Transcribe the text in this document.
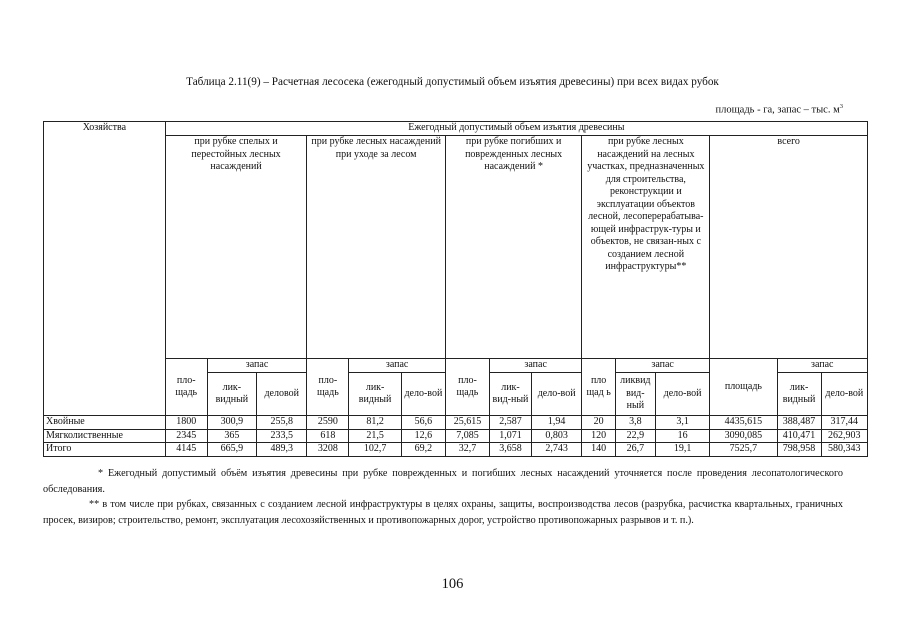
Таблица 2.11(9) – Расчетная лесосека (ежегодный допустимый объем изъятия древесины) при всех видах рубок
площадь - га, запас – тыс. $м^3$
Хозяйства	Ежегодный допустимый объем изъятия древесины														
	при рубке спелых и перестойных лесных насаждений			при рубке лесных насаждений при уходе за лесом			при рубке погибших и поврежденных лесных насаждений *			при рубке лесных насаждений на лесных участках, предназначенных для строительства, реконструкции и эксплуатации объектов лесной, лесоперерабатыва-ющей инфраструк-туры и объектов, не связан-ных с созданием лесной инфраструктуры**			всего		
	пло-щадь	запас		пло-щадь	запас		пло-щадь	запас		пло щад ь	запас		площадь	запас	
		лик-видный	деловой		лик-видный	дело-вой		лик-вид-ный	дело-вой		ликвид вид-ный	дело-вой		лик-видный	дело-вой
Хвойные	1800	300,9	255,8	2590	81,2	56,6	25,615	2,587	1,94	20	3,8	3,1	4435,615	388,487	317,44
Мягколиственные	2345	365	233,5	618	21,5	12,6	7,085	1,071	0,803	120	22,9	16	3090,085	410,471	262,903
Итого	4145	665,9	489,3	3208	102,7	69,2	32,7	3,658	2,743	140	26,7	19,1	7525,7	798,958	580,343
* Ежегодный допустимый объём изъятия древесины при рубке поврежденных и погибших лесных насаждений уточняется после проведения лесопатологического обследования.
** в том числе при рубках, связанных с созданием лесной инфраструктуры в целях охраны, защиты, воспроизводства лесов (разрубка, расчистка квартальных, граничных просек, визиров; строительство, ремонт, эксплуатация лесохозяйственных и противопожарных дорог, устройство противопожарных разрывов и т. п.).
106
